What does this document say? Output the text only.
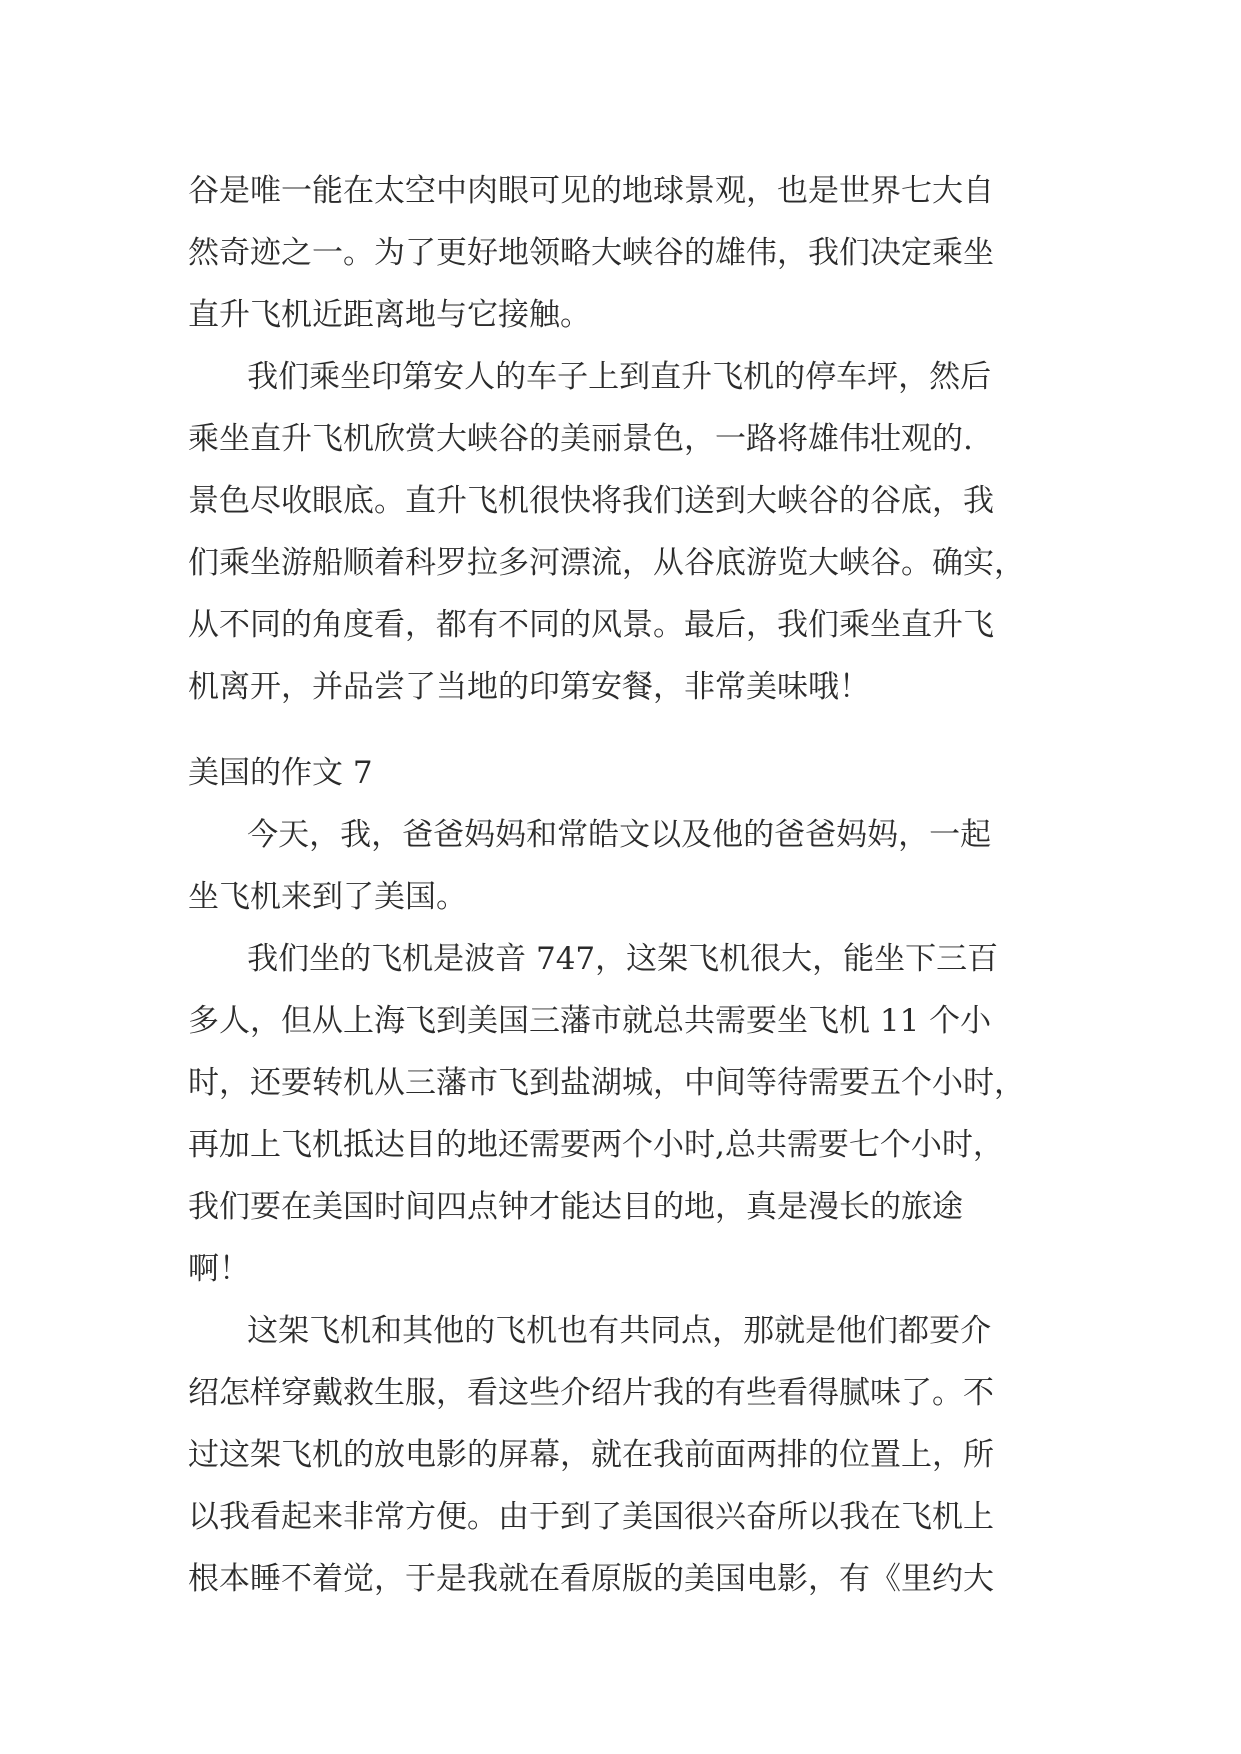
谷是唯一能在太空中肉眼可见的地球景观，也是世界七大自
然奇迹之一。为了更好地领略大峡谷的雄伟，我们决定乘坐
直升飞机近距离地与它接触。
我们乘坐印第安人的车子上到直升飞机的停车坪，然后
乘坐直升飞机欣赏大峡谷的美丽景色，一路将雄伟壮观的.
景色尽收眼底。直升飞机很快将我们送到大峡谷的谷底，我
们乘坐游船顺着科罗拉多河漂流，从谷底游览大峡谷。确实，
从不同的角度看，都有不同的风景。最后，我们乘坐直升飞
机离开，并品尝了当地的印第安餐，非常美味哦！
美国的作文 7
今天，我，爸爸妈妈和常皓文以及他的爸爸妈妈，一起
坐飞机来到了美国。
我们坐的飞机是波音 747，这架飞机很大，能坐下三百
多人，但从上海飞到美国三藩市就总共需要坐飞机 11 个小
时，还要转机从三藩市飞到盐湖城，中间等待需要五个小时，
再加上飞机抵达目的地还需要两个小时,总共需要七个小时，
我们要在美国时间四点钟才能达目的地，真是漫长的旅途
啊！
这架飞机和其他的飞机也有共同点，那就是他们都要介
绍怎样穿戴救生服，看这些介绍片我的有些看得腻味了。不
过这架飞机的放电影的屏幕，就在我前面两排的位置上，所
以我看起来非常方便。由于到了美国很兴奋所以我在飞机上
根本睡不着觉，于是我就在看原版的美国电影，有《里约大
